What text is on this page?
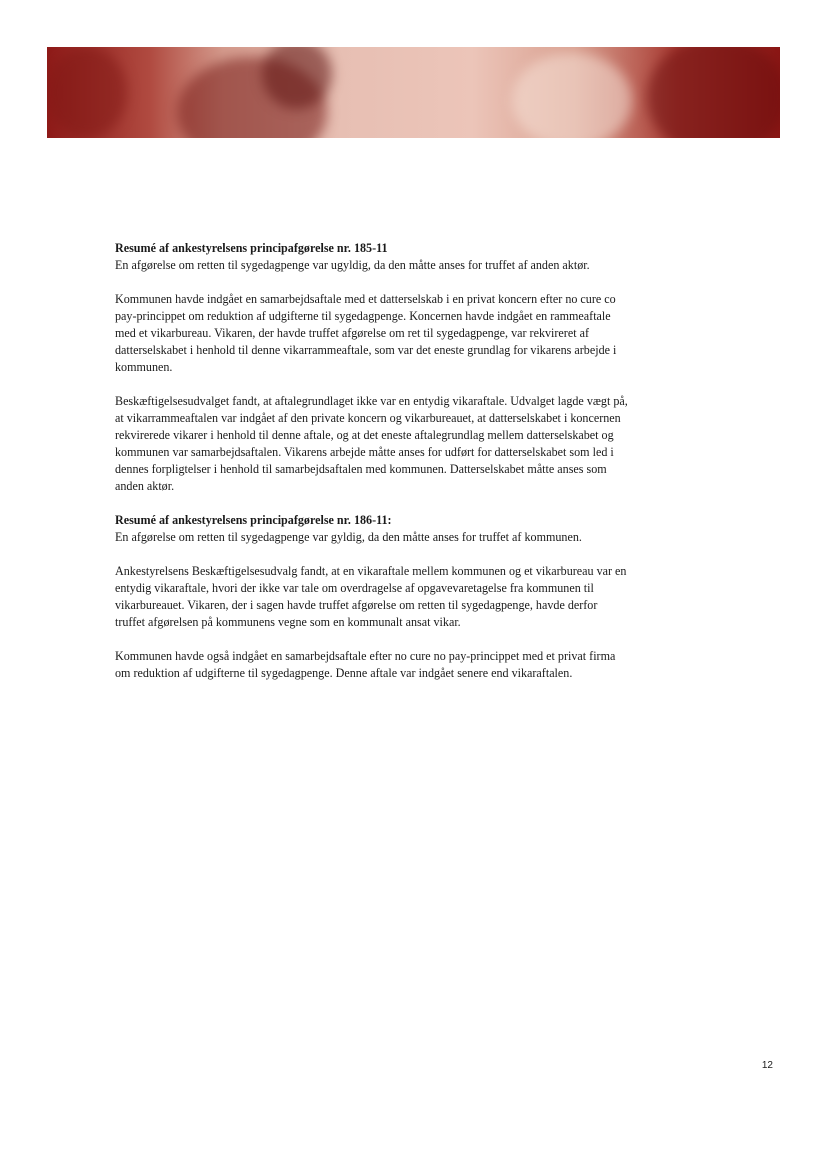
Resumé af ankestyrelsens principafgørelse nr. 185-11

En afgørelse om retten til sygedagpenge var ugyldig, da den måtte anses for truffet af anden aktør.

Kommunen havde indgået en samarbejdsaftale med et datterselskab i en privat koncern efter no cure co pay-princippet om reduktion af udgifterne til sygedagpenge. Koncernen havde indgået en rammeaftale med et vikarbureau. Vikaren, der havde truffet afgørelse om ret til sygedagpenge, var rekvireret af datterselskabet i henhold til denne vikarrammeaftale, som var det eneste grundlag for vikarens arbejde i kommunen.

Beskæftigelsesudvalget fandt, at aftalegrundlaget ikke var en entydig vikaraftale. Udvalget lagde vægt på, at vikarrammeaftalen var indgået af den private koncern og vikarbureauet, at datterselskabet i koncernen rekvirerede vikarer i henhold til denne aftale, og at det eneste aftalegrundlag mellem datterselskabet og kommunen var samarbejdsaftalen. Vikarens arbejde måtte anses for udført for datterselskabet som led i dennes forpligtelser i henhold til samarbejdsaftalen med kommunen. Datterselskabet måtte anses som anden aktør.

Resumé af ankestyrelsens principafgørelse nr. 186-11:

En afgørelse om retten til sygedagpenge var gyldig, da den måtte anses for truffet af kommunen.

Ankestyrelsens Beskæftigelsesudvalg fandt, at en vikaraftale mellem kommunen og et vikarbureau var en entydig vikaraftale, hvori der ikke var tale om overdragelse af opgavevaretagelse fra kommunen til vikarbureauet. Vikaren, der i sagen havde truffet afgørelse om retten til sygedagpenge, havde derfor truffet afgørelsen på kommunens vegne som en kommunalt ansat vikar.

Kommunen havde også indgået en samarbejdsaftale efter no cure no pay-princippet med et privat firma om reduktion af udgifterne til sygedagpenge. Denne aftale var indgået senere end vikaraftalen.

12
